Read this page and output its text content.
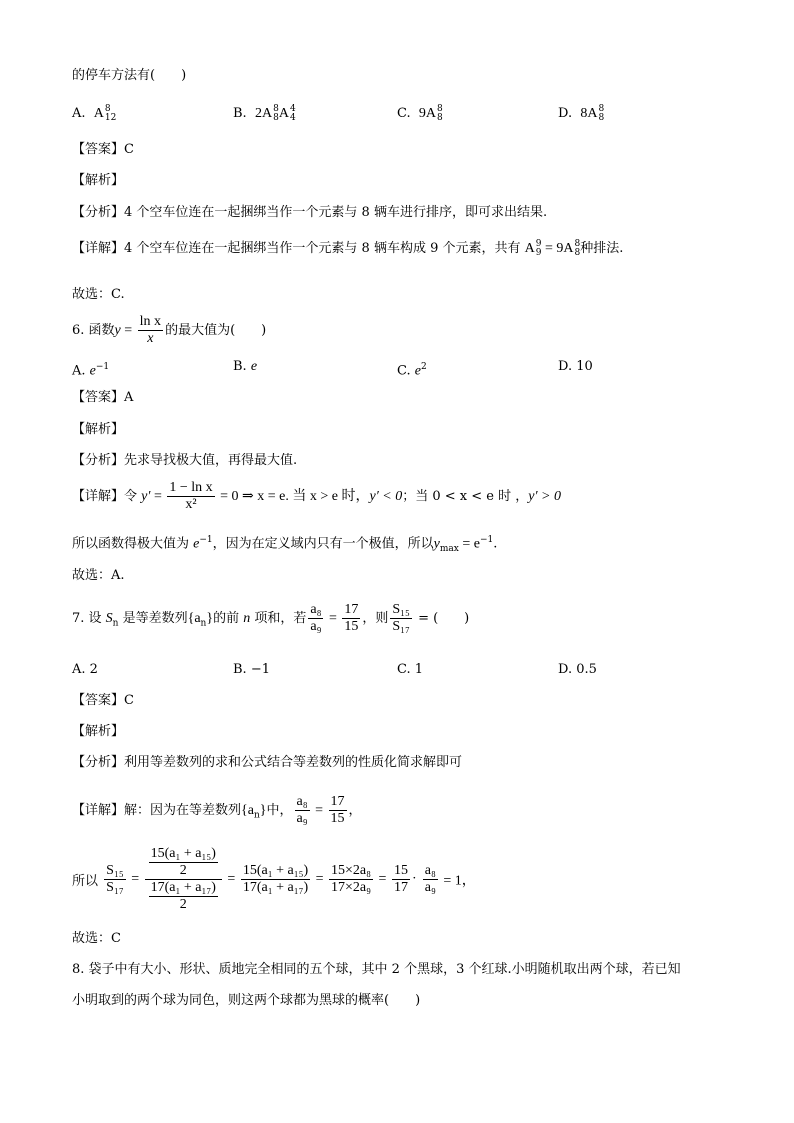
的停车方法有(　　)
A. A 8
12	B. 2A 8
8 A 4
4	C. 9A 8
8	D. 8A 8
8
【答案】C
【解析】
【分析】4 个空车位连在一起捆绑当作一个元素与 8 辆车进行排序，即可求出结果.
【详解】4 个空车位连在一起捆绑当作一个元素与 8 辆车构成 9 个元素，共有 A 9
9 = 9A 8
8 种排法.
故选：C.
6. 函数$y = \frac{\text{ln x}}{x}$ 的最大值为(　　)
A. $e^{-1}$	B. e	C. $e^2$	D. 10
【答案】A
【解析】
【分析】先求导找极大值，再得最大值.
【详解】令 $y' = \frac{\text{1 − ln x}}{\text{x²}} = 0$ ⇒ x = e. 当 x > e 时，y′ < 0；当 0 < x < e 时 ，y′ > 0
所以函数得极大值为 $e^{-1}$，因为在定义域内只有一个极值，所以$y_{max} = e^{-1}$.
故选：A.
7. 设 $S_n$ 是等差数列$\{a_n\}$的前 n 项和，若 $\frac{\text{a₈}}{\text{a₉}} = \frac{17}{15}$ ，则 $\frac{\text{S₁₅}}{\text{S₁₇}}$ = (　　)
A. 2	B. −1	C. 1	D. 0.5
【答案】C
【解析】
【分析】利用等差数列的求和公式结合等差数列的性质化简求解即可
【详解】解：因为在等差数列$\{a_n\}$中， $\frac{\text{a₈}}{\text{a₉}} = \frac{17}{15}$ ，
所以 $\frac{\text{S₁₅}}{\text{S₁₇}} = \frac{\frac{\text{15(a₁ + a₁₅)}}{2}}{\frac{\text{17(a₁ + a₁₇)}}{2}} = \frac{\text{15(a₁ + a₁₅)}}{\text{17(a₁ + a₁₇)}} = \frac{\text{15×2a₈}}{\text{17×2a₉}} = \frac{15}{17} \cdot \frac{\text{a₈}}{\text{a₉}} = 1$，
故选：C
8. 袋子中有大小、形状、质地完全相同的五个球，其中 2 个黑球，3 个红球.小明随机取出两个球，若已知
小明取到的两个球为同色，则这两个球都为黑球的概率(　　)
